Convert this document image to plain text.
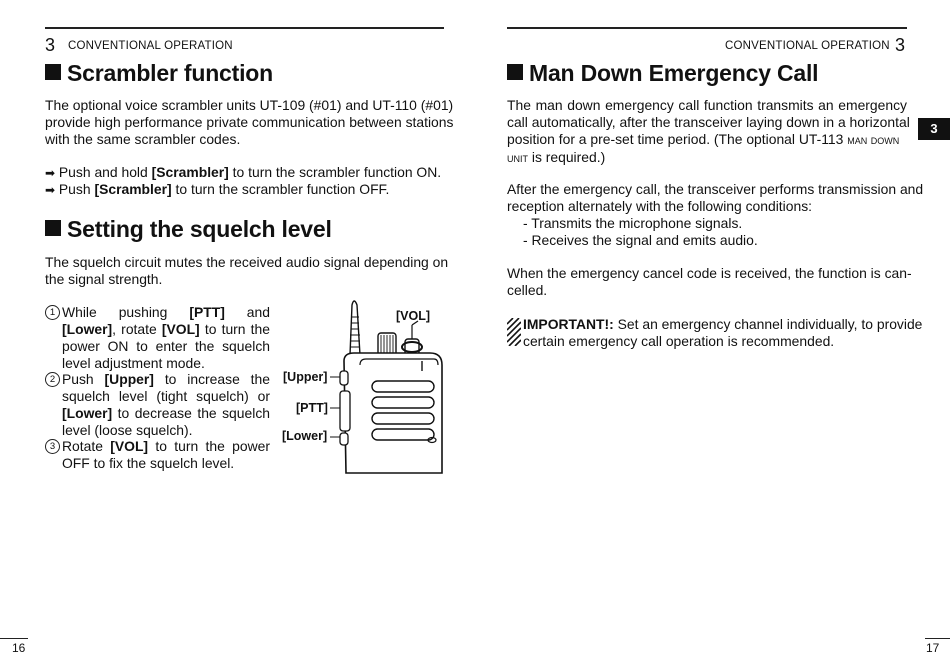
3 CONVENTIONAL OPERATION
Scrambler function
The optional voice scrambler units UT-109 (#01) and UT-110 (#01)
provide high performance private communication between stations
with the same scrambler codes.
➡ Push and hold [Scrambler] to turn the scrambler function ON.
➡ Push [Scrambler] to turn the scrambler function OFF.
Setting the squelch level
The squelch circuit mutes the received audio signal depending on
the signal strength.
1 While pushing [PTT] and [Lower], rotate [VOL] to turn the power ON to enter the squelch level adjustment mode.
2 Push [Upper] to increase the squelch level (tight squelch) or [Lower] to decrease the squelch level (loose squelch).
3 Rotate [VOL] to turn the power OFF to fix the squelch level.
[VOL]
[Upper]
[PTT]
[Lower]
16
CONVENTIONAL OPERATION 3
Man Down Emergency Call
The man down emergency call function transmits an emergency
call automatically, after the transceiver laying down in a horizontal
position for a pre-set time period. (The optional UT-113 man down
unit is required.)
After the emergency call, the transceiver performs transmission and
reception alternately with the following conditions:
- Transmits the microphone signals.
- Receives the signal and emits audio.
When the emergency cancel code is received, the function is can-
celled.
IMPORTANT!: Set an emergency channel individually, to provide
certain emergency call operation is recommended.
3
17
